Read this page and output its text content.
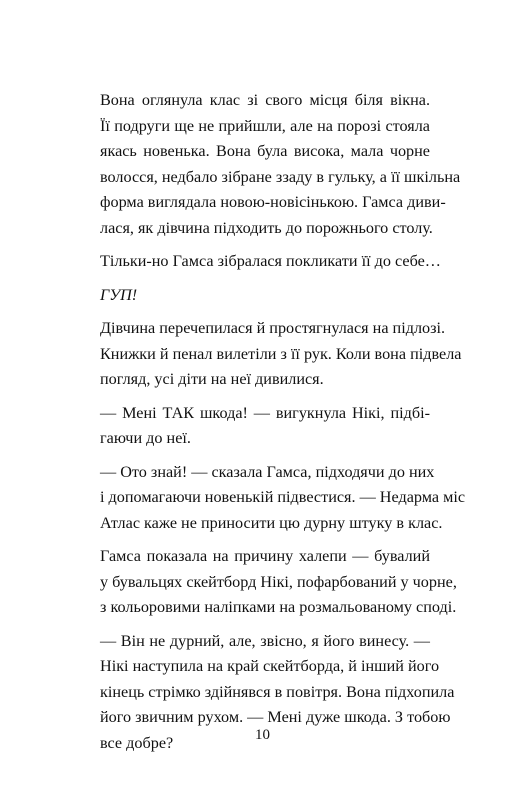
Вона оглянула клас зі свого місця біля вікна.
Її подруги ще не прийшли, але на порозі стояла
якась новенька. Вона була висока, мала чорне
волосся, недбало зібране ззаду в гульку, а її шкільна
форма виглядала новою-новісінькою. Гамса диви-
лася, як дівчина підходить до порожнього столу.
Тільки-но Гамса зібралася покликати її до себе…
ГУП!
Дівчина перечепилася й простягнулася на підлозі.
Книжки й пенал вилетіли з її рук. Коли вона підвела
погляд, усі діти на неї дивилися.
— Мені ТАК шкода! — вигукнула Нікі, підбі-
гаючи до неї.
— Ото знай! — сказала Гамса, підходячи до них
і допомагаючи новенькій підвестися. — Недарма міс
Атлас каже не приносити цю дурну штуку в клас.
Гамса показала на причину халепи — бувалий
у бувальцях скейтборд Нікі, пофарбований у чорне,
з кольоровими наліпками на розмальованому споді.
— Він не дурний, але, звісно, я його винесу. —
Нікі наступила на край скейтборда, й інший його
кінець стрімко здійнявся в повітря. Вона підхопила
його звичним рухом. — Мені дуже шкода. З тобою
все добре?	10
